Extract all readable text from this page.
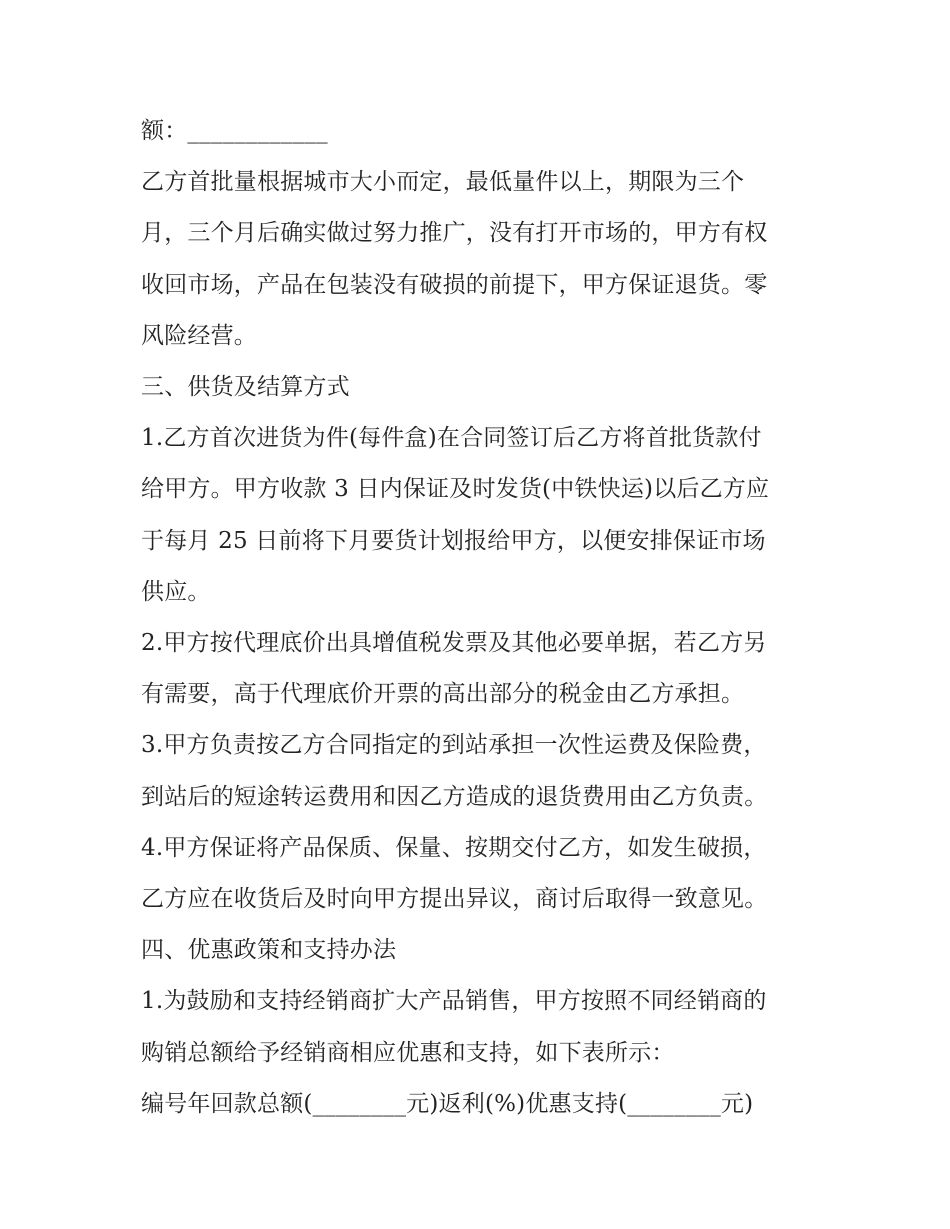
额：____________

乙方首批量根据城市大小而定，最低量件以上，期限为三个

月，三个月后确实做过努力推广，没有打开市场的，甲方有权

收回市场，产品在包装没有破损的前提下，甲方保证退货。零

风险经营。

三、供货及结算方式

1.乙方首次进货为件(每件盒)在合同签订后乙方将首批货款付

给甲方。甲方收款 3 日内保证及时发货(中铁快运)以后乙方应

于每月 25 日前将下月要货计划报给甲方，以便安排保证市场

供应。

2.甲方按代理底价出具增值税发票及其他必要单据，若乙方另

有需要，高于代理底价开票的高出部分的税金由乙方承担。

3.甲方负责按乙方合同指定的到站承担一次性运费及保险费，

到站后的短途转运费用和因乙方造成的退货费用由乙方负责。

4.甲方保证将产品保质、保量、按期交付乙方，如发生破损，

乙方应在收货后及时向甲方提出异议，商讨后取得一致意见。

四、优惠政策和支持办法

1.为鼓励和支持经销商扩大产品销售，甲方按照不同经销商的

购销总额给予经销商相应优惠和支持，如下表所示：

编号年回款总额(________元)返利(%)优惠支持(________元)
